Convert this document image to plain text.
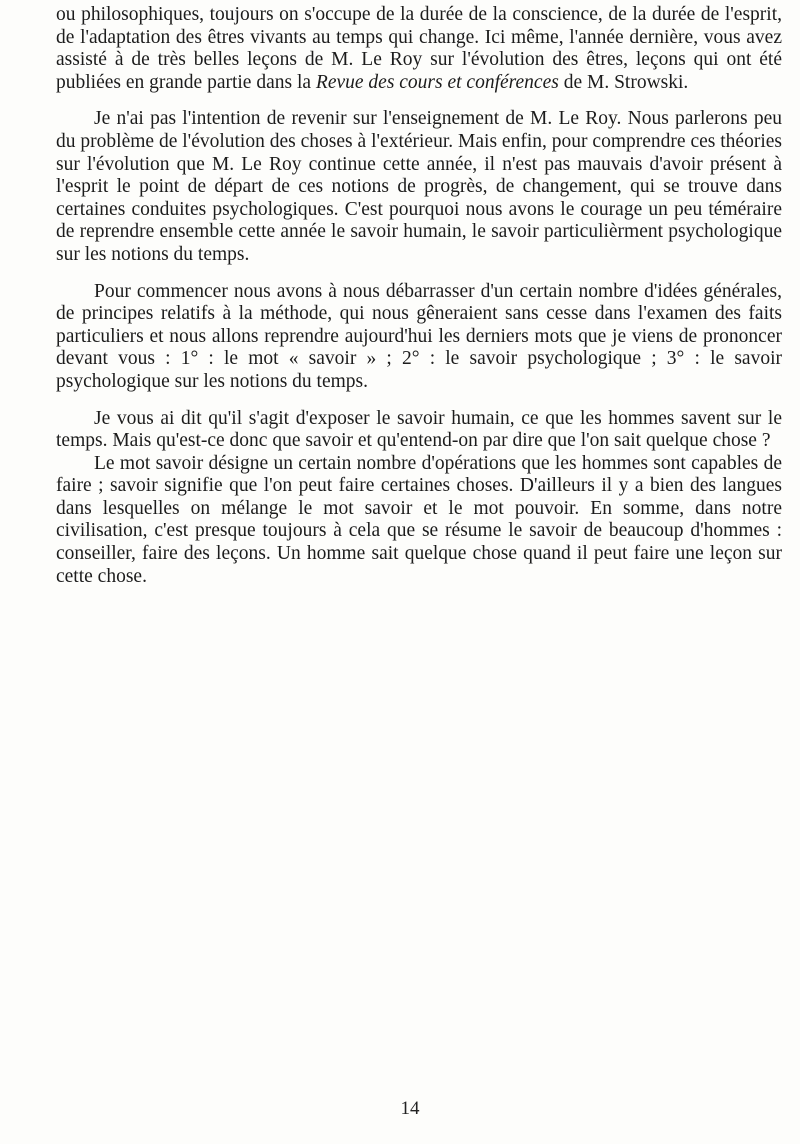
ou philosophiques, toujours on s'occupe de la durée de la conscience, de la durée de l'esprit, de l'adaptation des êtres vivants au temps qui change. Ici même, l'année dernière, vous avez assisté à de très belles leçons de M. Le Roy sur l'évolution des êtres, leçons qui ont été publiées en grande partie dans la Revue des cours et conférences de M. Strowski.

Je n'ai pas l'intention de revenir sur l'enseignement de M. Le Roy. Nous parlerons peu du problème de l'évolution des choses à l'extérieur. Mais enfin, pour comprendre ces théories sur l'évolution que M. Le Roy continue cette année, il n'est pas mauvais d'avoir présent à l'esprit le point de départ de ces notions de progrès, de changement, qui se trouve dans certaines conduites psychologiques. C'est pourquoi nous avons le courage un peu téméraire de reprendre ensemble cette année le savoir humain, le savoir particulièrment psychologique sur les notions du temps.

Pour commencer nous avons à nous débarrasser d'un certain nombre d'idées générales, de principes relatifs à la méthode, qui nous gêneraient sans cesse dans l'examen des faits particuliers et nous allons reprendre aujourd'hui les derniers mots que je viens de prononcer devant vous : 1° : le mot « savoir » ; 2° : le savoir psychologique ; 3° : le savoir psychologique sur les notions du temps.

Je vous ai dit qu'il s'agit d'exposer le savoir humain, ce que les hommes savent sur le temps. Mais qu'est-ce donc que savoir et qu'entend-on par dire que l'on sait quelque chose ?

Le mot savoir désigne un certain nombre d'opérations que les hommes sont capables de faire ; savoir signifie que l'on peut faire certaines choses. D'ailleurs il y a bien des langues dans lesquelles on mélange le mot savoir et le mot pouvoir. En somme, dans notre civilisation, c'est presque toujours à cela que se résume le savoir de beaucoup d'hommes : conseiller, faire des leçons. Un homme sait quelque chose quand il peut faire une leçon sur cette chose.

14
